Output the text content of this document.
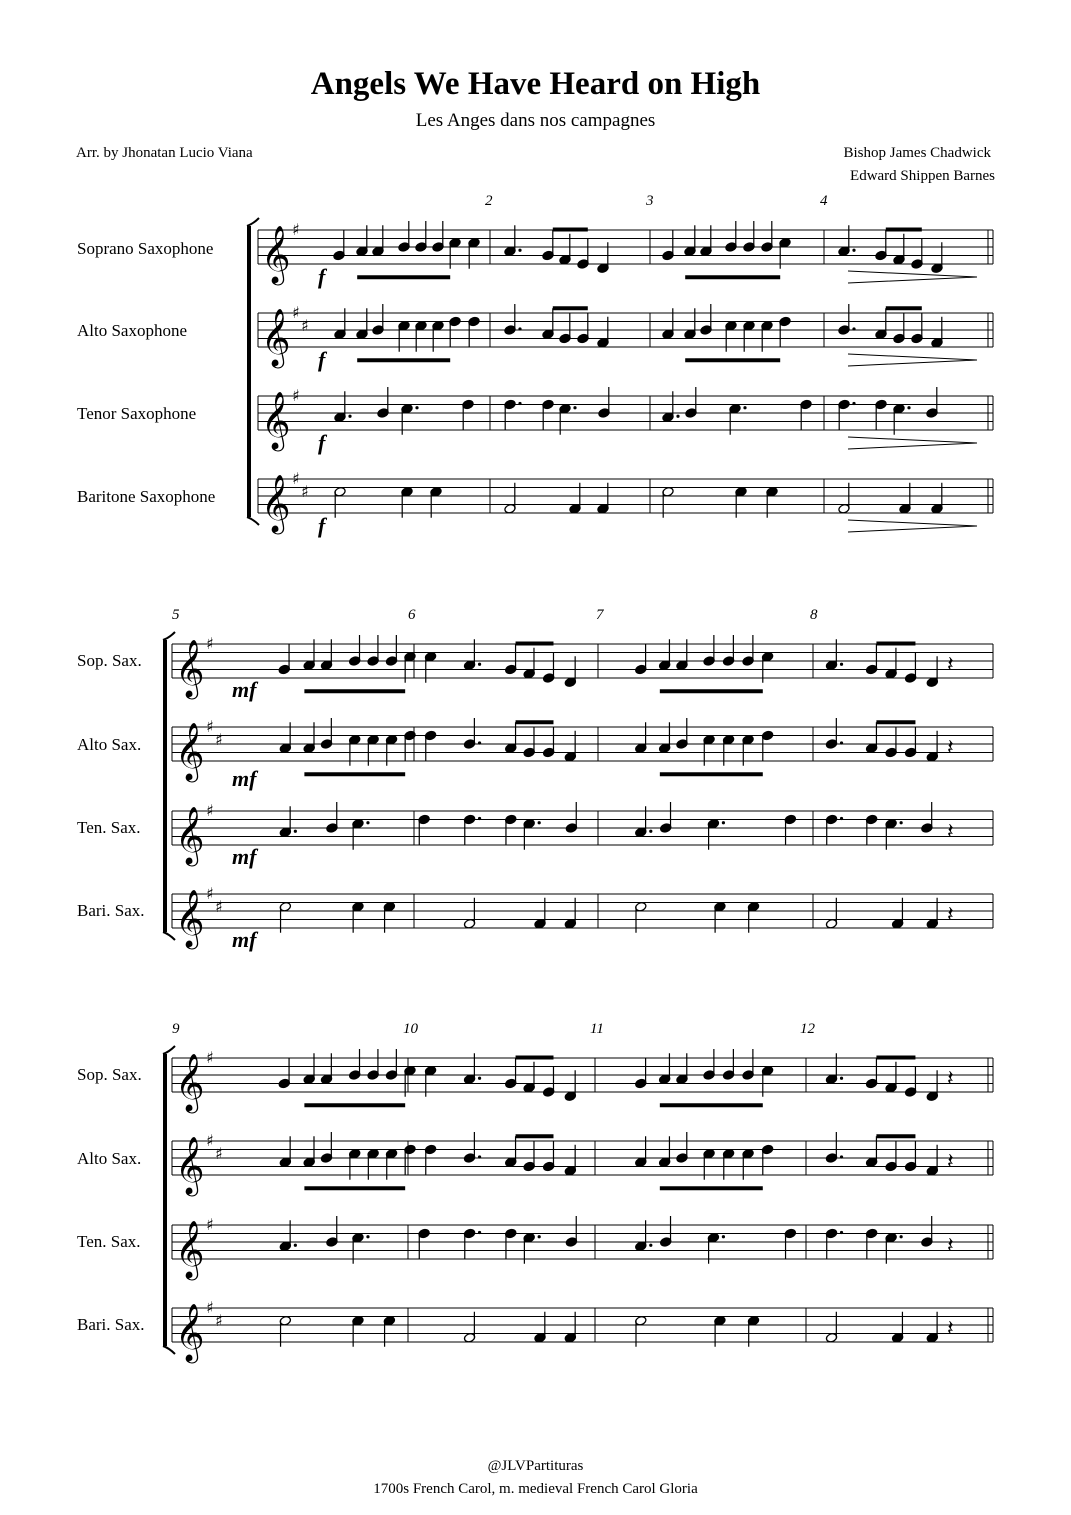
Angels We Have Heard on High
Les Anges dans nos campagnes
Arr. by Jhonatan Lucio Viana	Bishop James Chadwick
Edward Shippen Barnes
Soprano Saxophone
Alto Saxophone
Tenor Saxophone
Baritone Saxophone
Sop. Sax.
Alto Sax.
Ten. Sax.
Bari. Sax.
Sop. Sax.
Alto Sax.
Ten. Sax.
Bari. Sax.
2	3	4
5	6	7	8
9	10	11	12
@JLVPartituras
1700s French Carol, m. medieval French Carol Gloria
𝄞 ♯
f
𝄞 ♯
♯
f
𝄞 ♯
f
𝄞 ♯
♯
f
𝄞 ♯
𝄽
mf
𝄞 ♯
♯	𝄽
mf
𝄞 ♯
𝄽
mf
𝄞 ♯
♯	𝄽
mf
𝄞 ♯
𝄽
𝄞 ♯
♯	𝄽
𝄞 ♯
𝄽
𝄞 ♯
♯	𝄽
